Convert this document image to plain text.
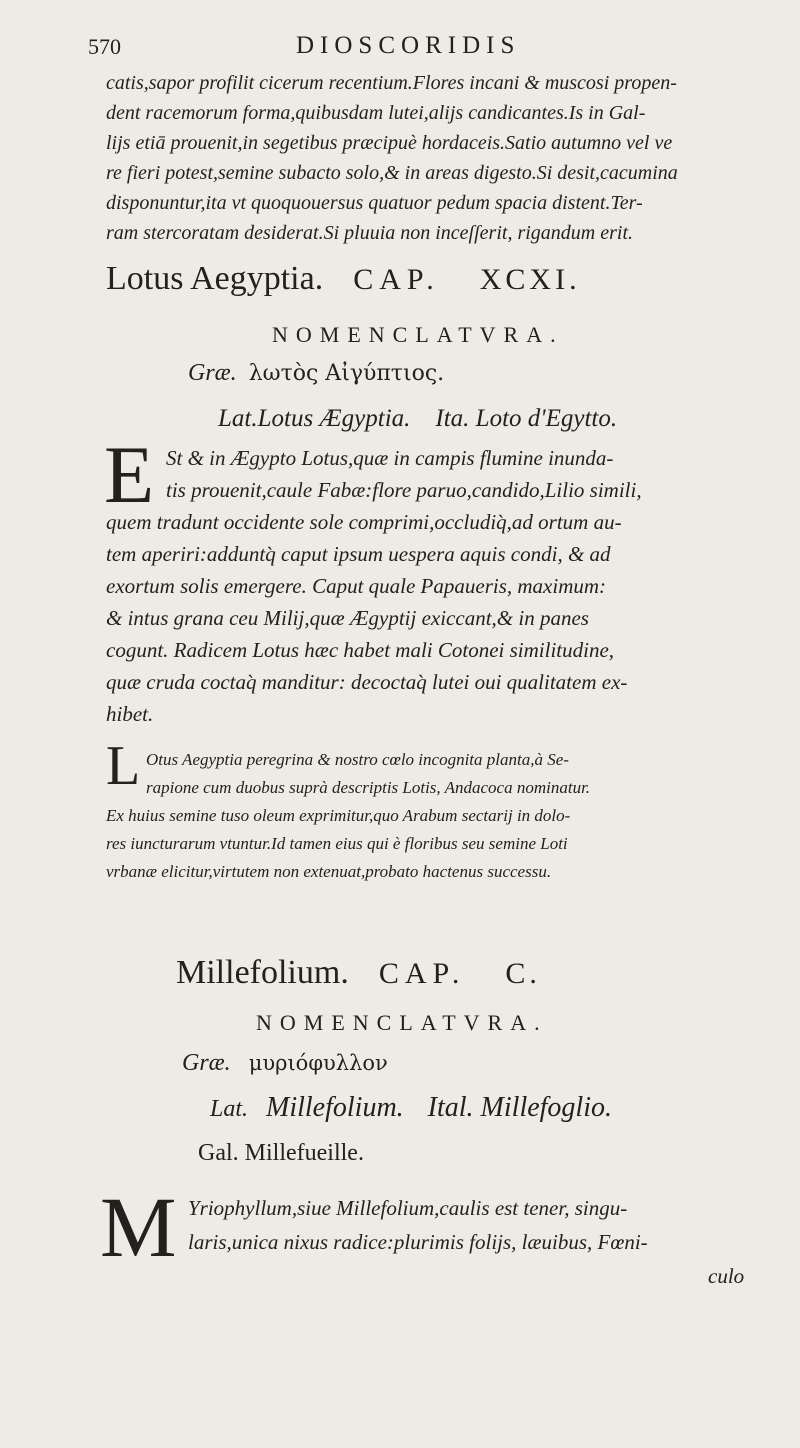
570	DIOSCORIDIS
catis,sapor profilit cicerum recentium.Flores incani & muscosi propen-
dent racemorum forma,quibusdam lutei,alijs candicantes.Is in Gal-
lijs etiā prouenit,in segetibus præcipuè hordaceis.Satio autumno vel ve
re fieri potest,semine subacto solo,& in areas digesto.Si desit,cacumina
disponuntur,ita vt quoquouersus quatuor pedum spacia distent.Ter-
ram stercoratam desiderat.Si pluuia non inceſſerit, rigandum erit.
Lotus Aegyptia. CAP. XCXI.
NOMENCLATVRA.
Græ. λωτὸς Αἰγύπτιος.
Lat.Lotus Ægyptia. Ita. Loto d'Egytto.
E St & in Ægypto Lotus,quæ in campis flumine inunda-
tis prouenit,caule Fabæ:flore paruo,candido,Lilio simili,
quem tradunt occidente sole comprimi,occludiq̀,ad ortum au-
tem aperiri:adduntq̀ caput ipsum uespera aquis condi, & ad
exortum solis emergere. Caput quale Papaueris, maximum:
& intus grana ceu Milij,quæ Ægyptij exiccant,& in panes
cogunt. Radicem Lotus hæc habet mali Cotonei similitudine,
quæ cruda coctaq̀ manditur: decoctaq̀ lutei oui qualitatem ex-
hibet.
L Otus Aegyptia peregrina & nostro cœlo incognita planta,à Se-
rapione cum duobus suprà descriptis Lotis, Andacoca nominatur.
Ex huius semine tuso oleum exprimitur,quo Arabum sectarij in dolo-
res iuncturarum vtuntur.Id tamen eius qui è floribus seu semine Loti
vrbanæ elicitur,virtutem non extenuat,probato hactenus successu.
Millefolium. CAP. C.
NOMENCLATVRA.
Græ. μυριόφυλλον
Lat. Millefolium. Ital. Millefoglio.
Gal. Millefueille.
M Yriophyllum,siue Millefolium,caulis est tener, singu-
laris,unica nixus radice:plurimis folijs, læuibus, Fœni-
culo
